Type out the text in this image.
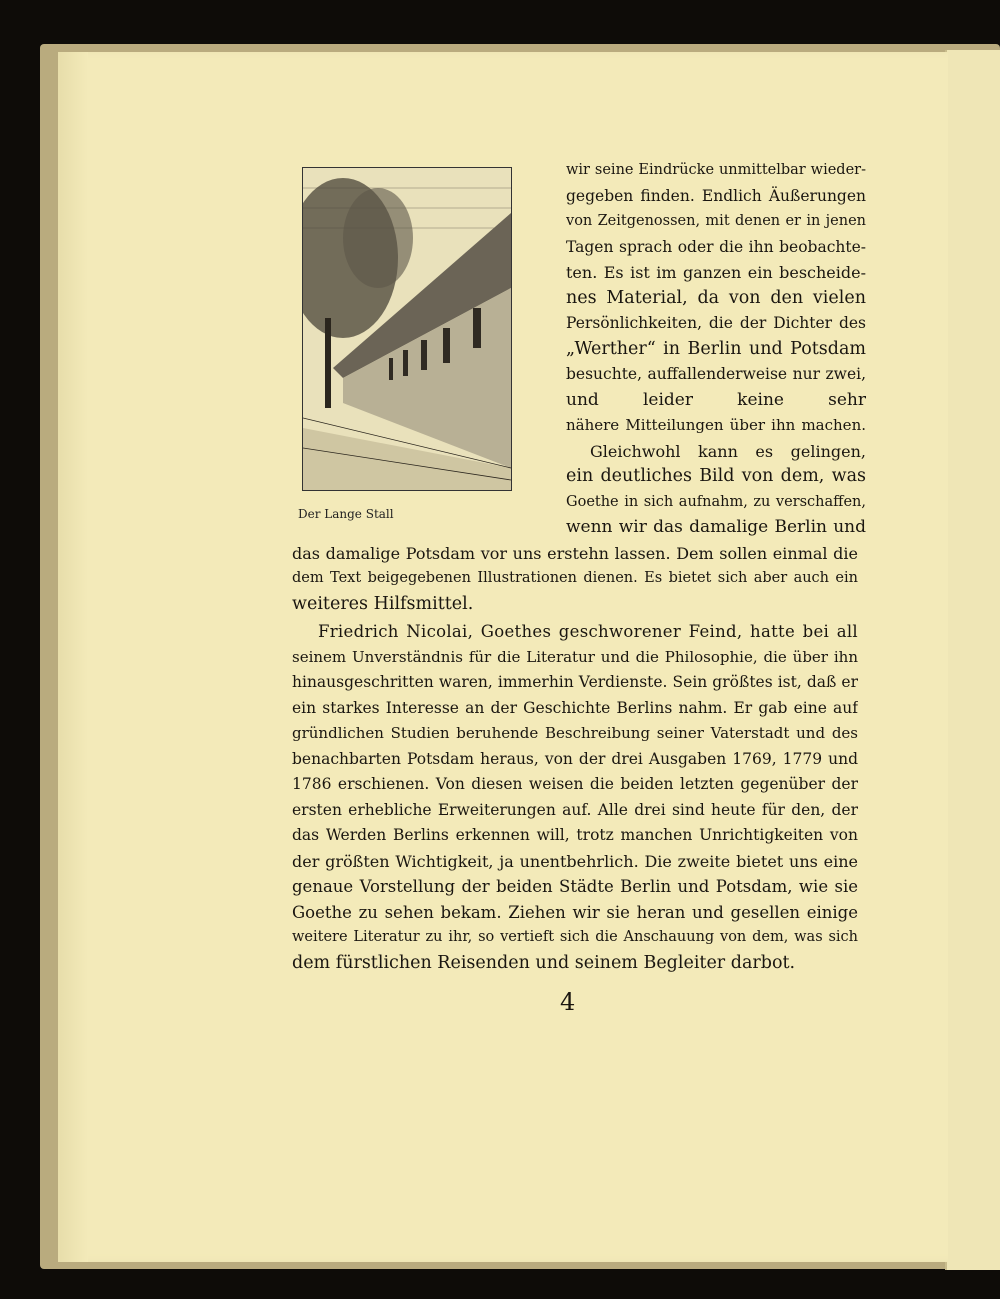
Der Lange Stall
wir seine Eindrücke unmittelbar wieder-
gegeben finden. Endlich Äußerungen
von Zeitgenossen, mit denen er in jenen
Tagen sprach oder die ihn beobachte-
ten. Es ist im ganzen ein bescheide-
nes Material, da von den vielen
Persönlichkeiten, die der Dichter des
„Werther“ in Berlin und Potsdam
besuchte, auffallenderweise nur zwei,
und leider keine sehr
nähere Mitteilungen über ihn machen.
Gleichwohl kann es gelingen,
ein deutliches Bild von dem, was
Goethe in sich aufnahm, zu verschaffen,
wenn wir das damalige Berlin und
das damalige Potsdam vor uns erstehn lassen. Dem sollen einmal die
dem Text beigegebenen Illustrationen dienen. Es bietet sich aber auch ein
weiteres Hilfsmittel.
Friedrich Nicolai, Goethes geschworener Feind, hatte bei all
seinem Unverständnis für die Literatur und die Philosophie, die über ihn
hinausgeschritten waren, immerhin Verdienste. Sein größtes ist, daß er
ein starkes Interesse an der Geschichte Berlins nahm. Er gab eine auf
gründlichen Studien beruhende Beschreibung seiner Vaterstadt und des
benachbarten Potsdam heraus, von der drei Ausgaben 1769, 1779 und
1786 erschienen. Von diesen weisen die beiden letzten gegenüber der
ersten erhebliche Erweiterungen auf. Alle drei sind heute für den, der
das Werden Berlins erkennen will, trotz manchen Unrichtigkeiten von
der größten Wichtigkeit, ja unentbehrlich. Die zweite bietet uns eine
genaue Vorstellung der beiden Städte Berlin und Potsdam, wie sie
Goethe zu sehen bekam. Ziehen wir sie heran und gesellen einige
weitere Literatur zu ihr, so vertieft sich die Anschauung von dem, was sich
dem fürstlichen Reisenden und seinem Begleiter darbot.
4
